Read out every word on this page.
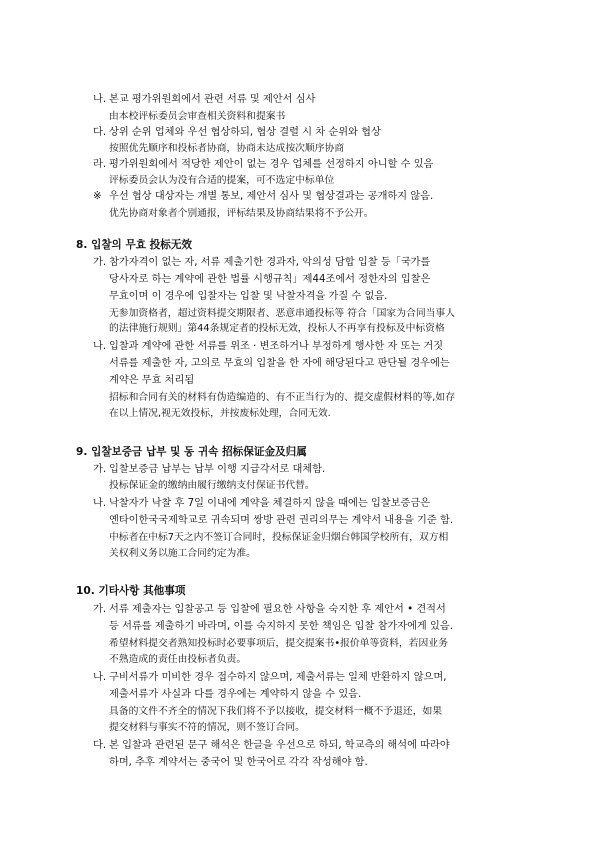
나. 본교 평가위원회에서 관련 서류 및 제안서 심사
由本校评标委员会审查相关资料和提案书
다. 상위 순위 업체와 우선 협상하되, 협상 결렬 시 차 순위와 협상
按照优先顺序和投标者协商，协商未达成按次顺序协商
라. 평가위원회에서 적당한 제안이 없는 경우 업체를 선정하지 아니할 수 있음
评标委员会认为没有合适的提案，可不选定中标单位
※ 우선 협상 대상자는 개별 통보, 제안서 심사 및 협상결과는 공개하지 않음.
优先协商对象者个别通报，评标结果及协商结果将不予公开。
8. 입찰의 무효 投标无效
가. 참가자격이 없는 자, 서류 제출기한 경과자, 악의성 담합 입찰 등「국가를
당사자로 하는 계약에 관한 법률 시행규칙」제44조에서 정한자의 입찰은
무효이며 이 경우에 입찰자는 입찰 및 낙찰자격을 가질 수 없음.
无参加资格者，超过资料提交期限者、恶意串通投标等 符合「国家为合同当事人
的法律施行规则」第44条规定者的投标无效，投标人不再享有投标及中标资格
나. 입찰과 계약에 관한 서류를 위조 · 변조하거나 부정하게 행사한 자 또는 거짓
서류를 제출한 자, 고의로 무효의 입찰을 한 자에 해당된다고 판단될 경우에는
계약은 무효 처리됨
招标和合同有关的材料有伪造编造的、有不正当行为的、提交虚假材料的等,如存
在以上情况,视无效投标，并按废标处理，合同无效.
9. 입찰보증금 납부 및 동 귀속 招标保证金及归属
가. 입찰보증금 납부는 납부 이행 지급각서로 대체함.
投标保证金的缴纳由履行缴纳支付保证书代替。
나. 낙찰자가 낙찰 후 7일 이내에 계약을 체결하지 않을 때에는 입찰보증금은
옌타이한국국제학교로 귀속되며 쌍방 관련 권리의무는 계약서 내용을 기준 함.
中标者在中标7天之内不签订合同时，投标保证金归烟台韩国学校所有，双方相
关权利义务以施工合同约定为准。
10. 기타사항 其他事项
가. 서류 제출자는 입찰공고 등 입찰에 필요한 사항을 숙지한 후 제안서 • 견적서
등 서류를 제출하기 바라며, 이를 숙지하지 못한 책임은 입찰 참가자에게 있음.
希望材料提交者熟知投标时必要事项后，提交提案书•报价单等资料，若因业务
不熟造成的责任由投标者负责。
나. 구비서류가 미비한 경우 접수하지 않으며, 제출서류는 일체 반환하지 않으며,
제출서류가 사실과 다를 경우에는 계약하지 않을 수 있음.
具备的文件不齐全的情况下我们将不予以接收，提交材料一概不予退还，如果
提交材料与事实不符的情况，则不签订合同。
다. 본 입찰과 관련된 문구 해석은 한글을 우선으로 하되, 학교측의 해석에 따라야
하며, 추후 계약서는 중국어 및 한국어로 각각 작성해야 함.
